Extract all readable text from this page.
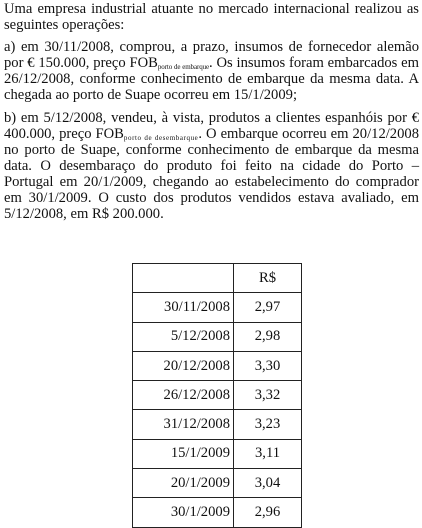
Uma empresa industrial atuante no mercado internacional realizou as seguintes operações:

a) em 30/11/2008, comprou, a prazo, insumos de fornecedor alemão por € 150.000, preço $FOB_{porto de embarque}$. Os insumos foram embarcados em 26/12/2008, conforme conhecimento de embarque da mesma data. A chegada ao porto de Suape ocorreu em 15/1/2009;

b) em 5/12/2008, vendeu, à vista, produtos a clientes espanhóis por € 400.000, preço $FOB_{porto de desembarque}$. O embarque ocorreu em 20/12/2008 no porto de Suape, conforme conhecimento de embarque da mesma data. O desembaraço do produto foi feito na cidade do Porto – Portugal em 20/1/2009, chegando ao estabelecimento do comprador em 30/1/2009. O custo dos produtos vendidos estava avaliado, em 5/12/2008, em R$ 200.000.

	R$
30/11/2008	2,97
5/12/2008	2,98
20/12/2008	3,30
26/12/2008	3,32
31/12/2008	3,23
15/1/2009	3,11
20/1/2009	3,04
30/1/2009	2,96
